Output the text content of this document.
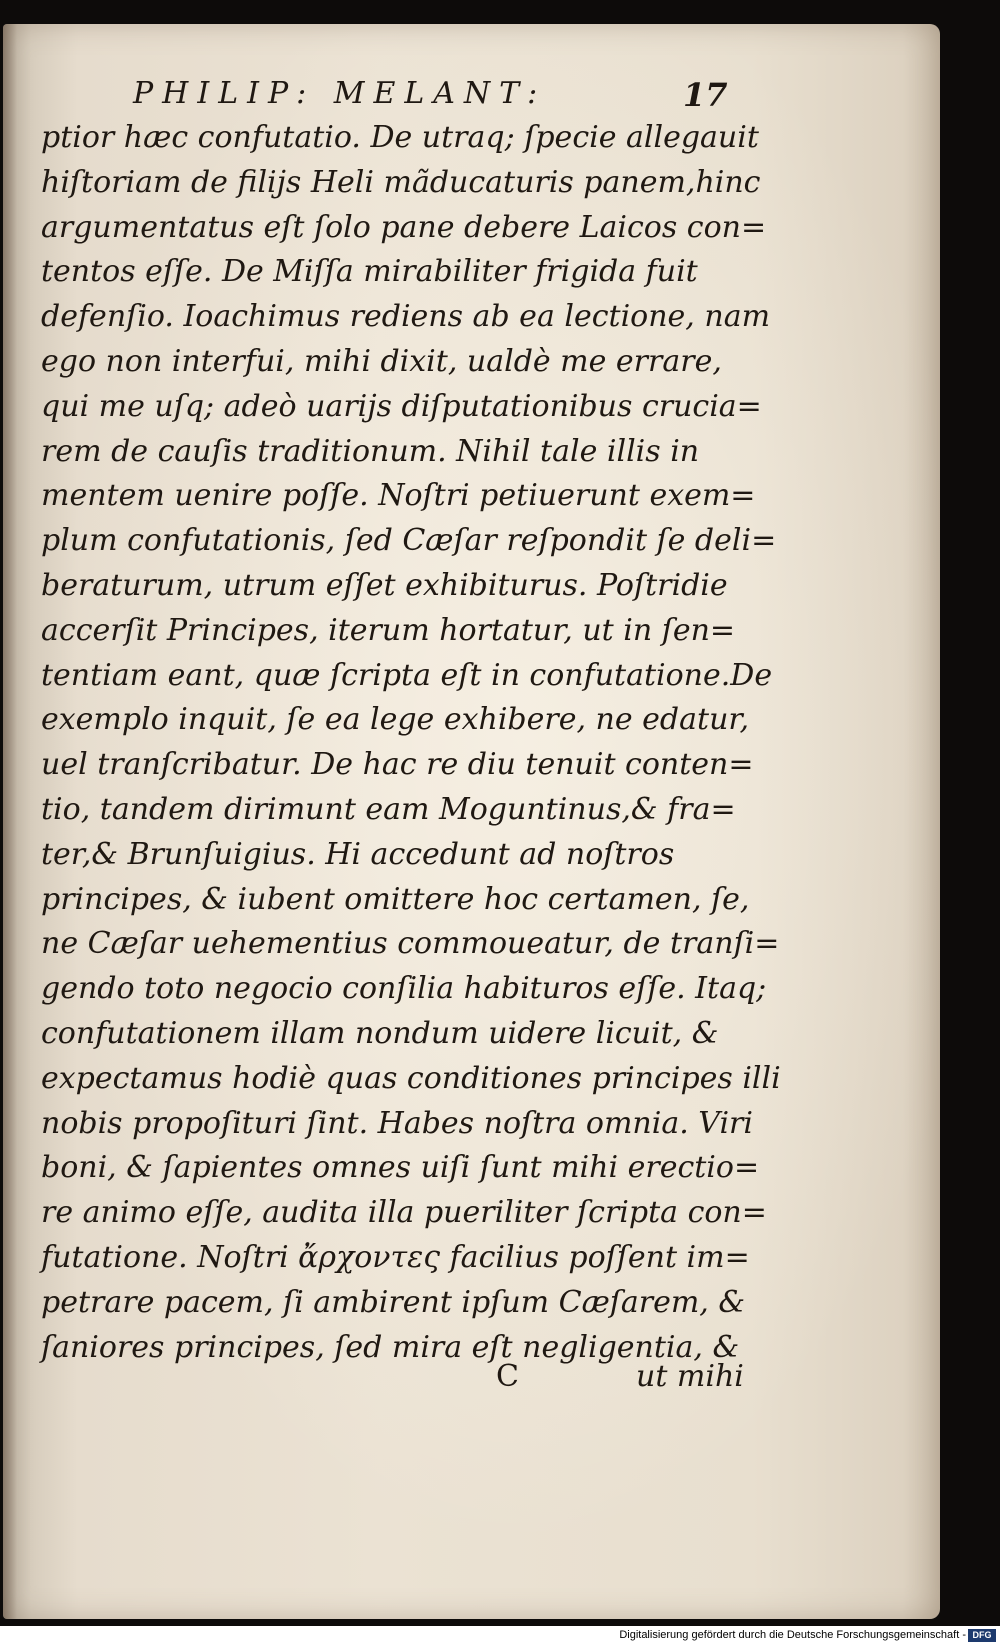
PHILIP: MELANT:	17
ptior hæc confutatio. De utraq; ſpecie allegauit
hiſtoriam de filijs Heli mãducaturis panem,hinc
argumentatus eſt ſolo pane debere Laicos con=
tentos eſſe. De Miſſa mirabiliter frigida fuit
defenſio. Ioachimus rediens ab ea lectione, nam
ego non interfui, mihi dixit, ualdè me errare,
qui me uſq; adeò uarijs diſputationibus crucia=
rem de cauſis traditionum. Nihil tale illis in
mentem uenire poſſe. Noſtri petiuerunt exem=
plum confutationis, ſed Cæſar reſpondit ſe deli=
beraturum, utrum eſſet exhibiturus. Poſtridie
accerſit Principes, iterum hortatur, ut in ſen=
tentiam eant, quæ ſcripta eſt in confutatione.De
exemplo inquit, ſe ea lege exhibere, ne edatur,
uel tranſcribatur. De hac re diu tenuit conten=
tio, tandem dirimunt eam Moguntinus,& fra=
ter,& Brunſuigius. Hi accedunt ad noſtros
principes, & iubent omittere hoc certamen, ſe,
ne Cæſar uehementius commoueatur, de tranſi=
gendo toto negocio conſilia habituros eſſe. Itaq;
confutationem illam nondum uidere licuit, &
expectamus hodiè quas conditiones principes illi
nobis propoſituri ſint. Habes noſtra omnia. Viri
boni, & ſapientes omnes uiſi ſunt mihi erectio=
re animo eſſe, audita illa pueriliter ſcripta con=
futatione. Noſtri ἄρχοντες facilius poſſent im=
petrare pacem, ſi ambirent ipſum Cæſarem, &
ſaniores principes, ſed mira eſt negligentia, &
C	ut mihi
Digitalisierung gefördert durch die Deutsche Forschungsgemeinschaft - DFG
